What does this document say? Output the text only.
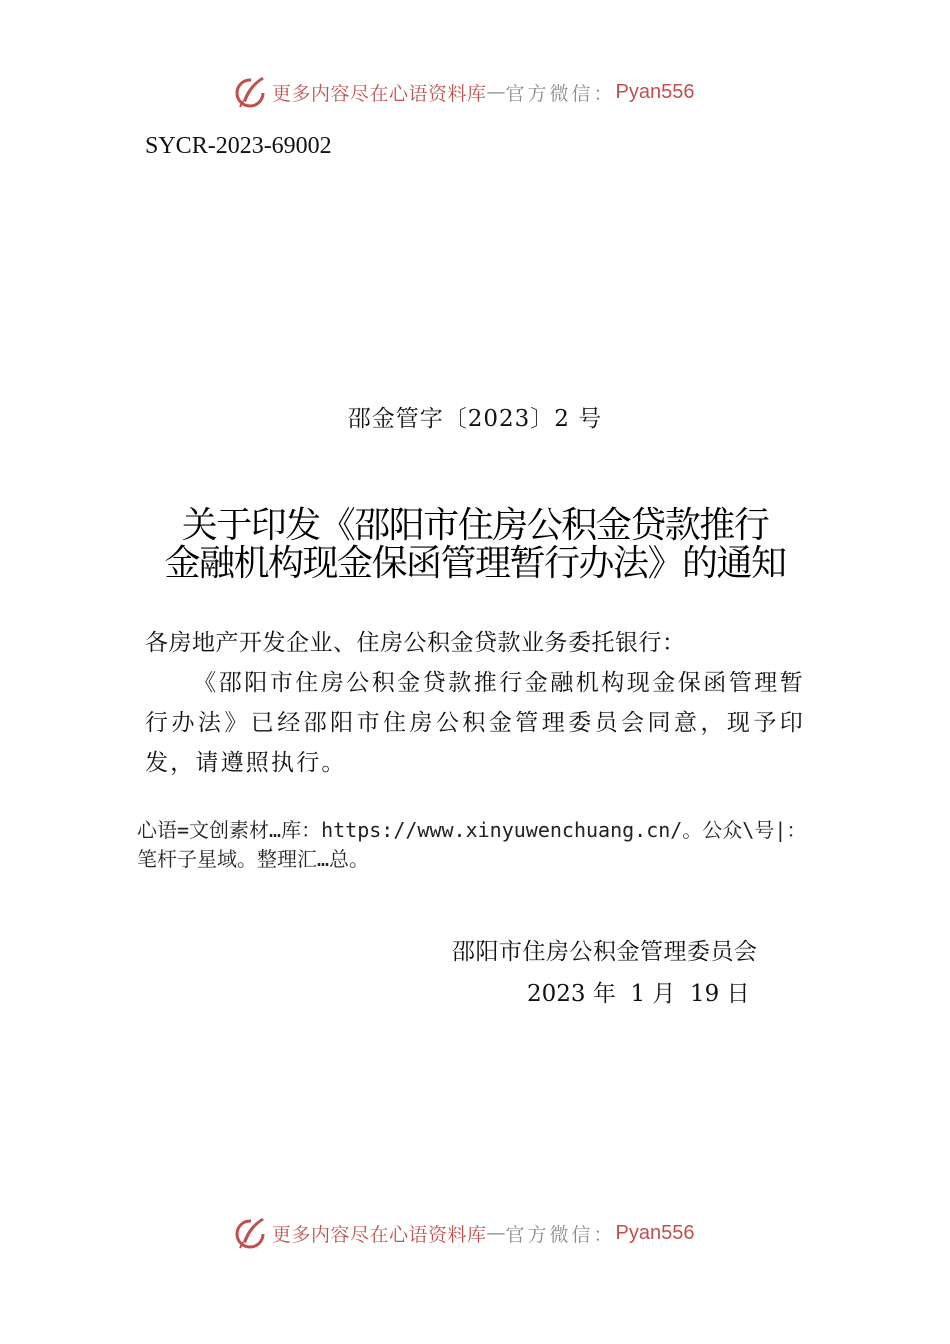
更多内容尽在心语资料库 — 官方微信： Pyan556
SYCR-2023-69002
邵金管字〔2023〕2 号
关于印发《邵阳市住房公积金贷款推行
金融机构现金保函管理暂行办法》的通知
各房地产开发企业、住房公积金贷款业务委托银行：

《邵阳市住房公积金贷款推行金融机构现金保函管理暂行办法》已经邵阳市住房公积金管理委员会同意，现予印发，请遵照执行。

心语=文创素材…库：https://www.xinyuwenchuang.cn/。公众\号|：笔杆子星域。整理汇…总。

邵阳市住房公积金管理委员会
2023 年  1 月  19 日
更多内容尽在心语资料库 — 官方微信： Pyan556
